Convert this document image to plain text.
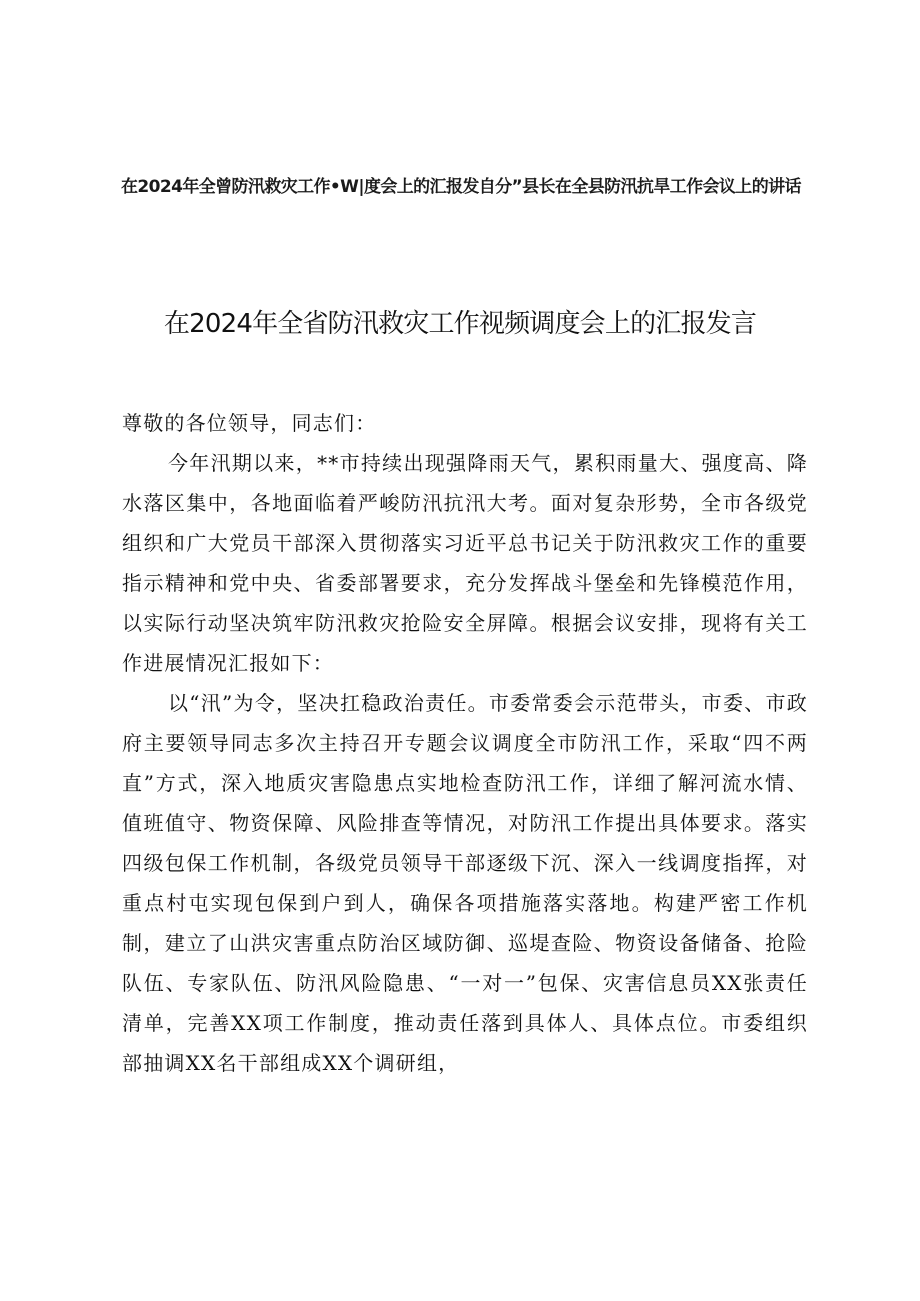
在2024年全曾防汛救灾工作•W|度会上的汇报发自分”县长在全县防汛抗旱工作会议上的讲话
在2024年全省防汛救灾工作视频调度会上的汇报发言

尊敬的各位领导，同志们：

今年汛期以来，**市持续出现强降雨天气，累积雨量大、强度高、降水落区集中，各地面临着严峻防汛抗汛大考。面对复杂形势，全市各级党组织和广大党员干部深入贯彻落实习近平总书记关于防汛救灾工作的重要指示精神和党中央、省委部署要求，充分发挥战斗堡垒和先锋模范作用，以实际行动坚决筑牢防汛救灾抢险安全屏障。根据会议安排，现将有关工作进展情况汇报如下：

以“汛”为令，坚决扛稳政治责任。市委常委会示范带头，市委、市政府主要领导同志多次主持召开专题会议调度全市防汛工作，采取“四不两直”方式，深入地质灾害隐患点实地检查防汛工作，详细了解河流水情、值班值守、物资保障、风险排查等情况，对防汛工作提出具体要求。落实四级包保工作机制，各级党员领导干部逐级下沉、深入一线调度指挥，对重点村屯实现包保到户到人，确保各项措施落实落地。构建严密工作机制，建立了山洪灾害重点防治区域防御、巡堤查险、物资设备储备、抢险队伍、专家队伍、防汛风险隐患、“一对一”包保、灾害信息员XX张责任清单，完善XX项工作制度，推动责任落到具体人、具体点位。市委组织部抽调XX名干部组成XX个调研组，
